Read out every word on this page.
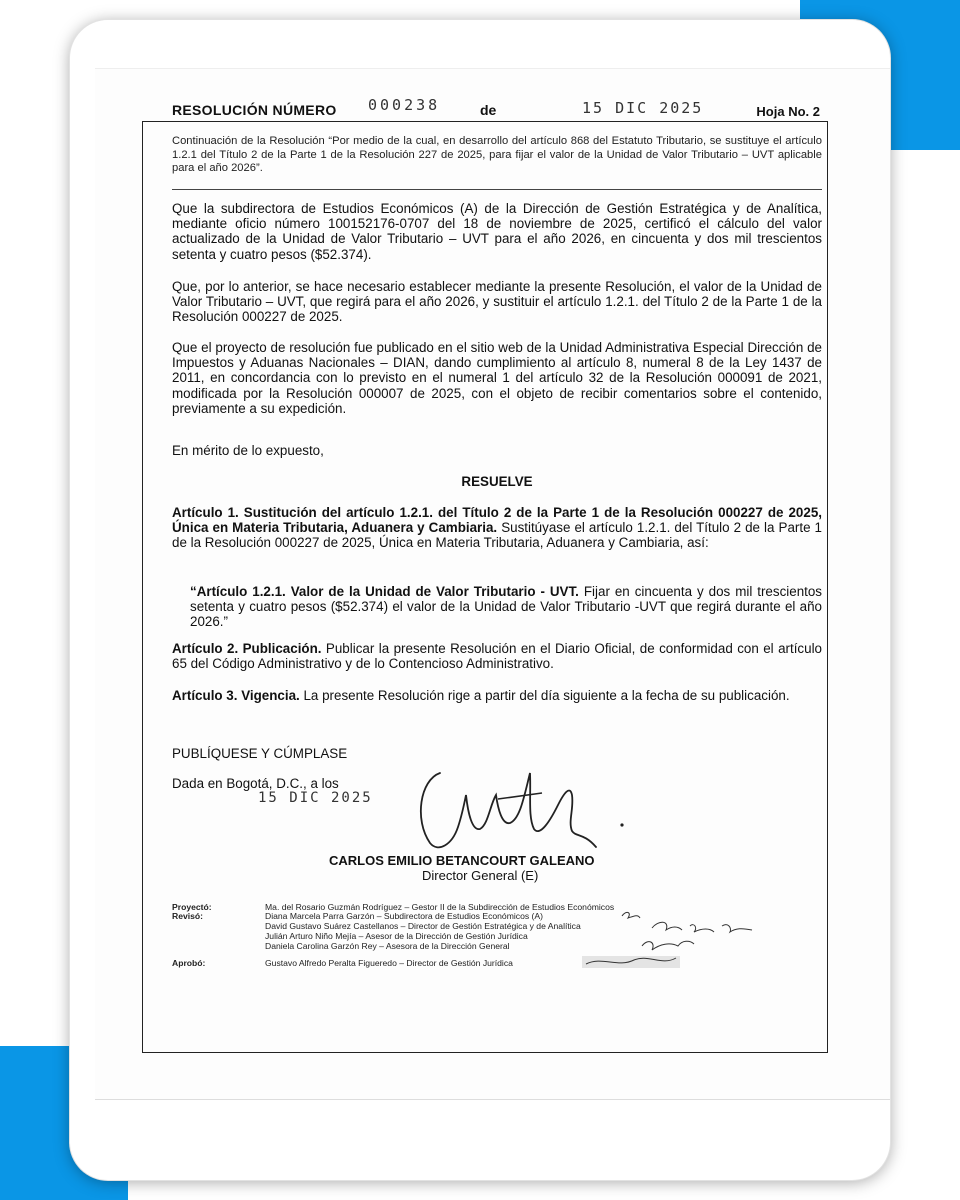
RESOLUCIÓN NÚMERO 000238	de	15 DIC 2025	Hoja No. 2
Continuación de la Resolución “Por medio de la cual, en desarrollo del artículo 868 del Estatuto Tributario, se sustituye el artículo 1.2.1 del Título 2 de la Parte 1 de la Resolución 227 de 2025, para fijar el valor de la Unidad de Valor Tributario – UVT aplicable para el año 2026”.
Que la subdirectora de Estudios Económicos (A) de la Dirección de Gestión Estratégica y de Analítica, mediante oficio número 100152176-0707 del 18 de noviembre de 2025, certificó el cálculo del valor actualizado de la Unidad de Valor Tributario – UVT para el año 2026, en cincuenta y dos mil trescientos setenta y cuatro pesos ($52.374).
Que, por lo anterior, se hace necesario establecer mediante la presente Resolución, el valor de la Unidad de Valor Tributario – UVT, que regirá para el año 2026, y sustituir el artículo 1.2.1. del Título 2 de la Parte 1 de la Resolución 000227 de 2025.
Que el proyecto de resolución fue publicado en el sitio web de la Unidad Administrativa Especial Dirección de Impuestos y Aduanas Nacionales – DIAN, dando cumplimiento al artículo 8, numeral 8 de la Ley 1437 de 2011, en concordancia con lo previsto en el numeral 1 del artículo 32 de la Resolución 000091 de 2021, modificada por la Resolución 000007 de 2025, con el objeto de recibir comentarios sobre el contenido, previamente a su expedición.
En mérito de lo expuesto,
RESUELVE
Artículo 1. Sustitución del artículo 1.2.1. del Título 2 de la Parte 1 de la Resolución 000227 de 2025, Única en Materia Tributaria, Aduanera y Cambiaria. Sustitúyase el artículo 1.2.1. del Título 2 de la Parte 1 de la Resolución 000227 de 2025, Única en Materia Tributaria, Aduanera y Cambiaria, así:
“Artículo 1.2.1. Valor de la Unidad de Valor Tributario - UVT. Fijar en cincuenta y dos mil trescientos setenta y cuatro pesos ($52.374) el valor de la Unidad de Valor Tributario -UVT que regirá durante el año 2026.”
Artículo 2. Publicación. Publicar la presente Resolución en el Diario Oficial, de conformidad con el artículo 65 del Código Administrativo y de lo Contencioso Administrativo.
Artículo 3. Vigencia. La presente Resolución rige a partir del día siguiente a la fecha de su publicación.
PUBLÍQUESE Y CÚMPLASE
Dada en Bogotá, D.C., a los
15 DIC 2025
CARLOS EMILIO BETANCOURT GALEANO
Director General (E)
Proyectó:	Ma. del Rosario Guzmán Rodríguez – Gestor II de la Subdirección de Estudios Económicos
Revisó:	Diana Marcela Parra Garzón – Subdirectora de Estudios Económicos (A)
David Gustavo Suárez Castellanos – Director de Gestión Estratégica y de Analítica
Julián Arturo Niño Mejía – Asesor de la Dirección de Gestión Jurídica
Daniela Carolina Garzón Rey – Asesora de la Dirección General
Aprobó:	Gustavo Alfredo Peralta Figueredo – Director de Gestión Jurídica
